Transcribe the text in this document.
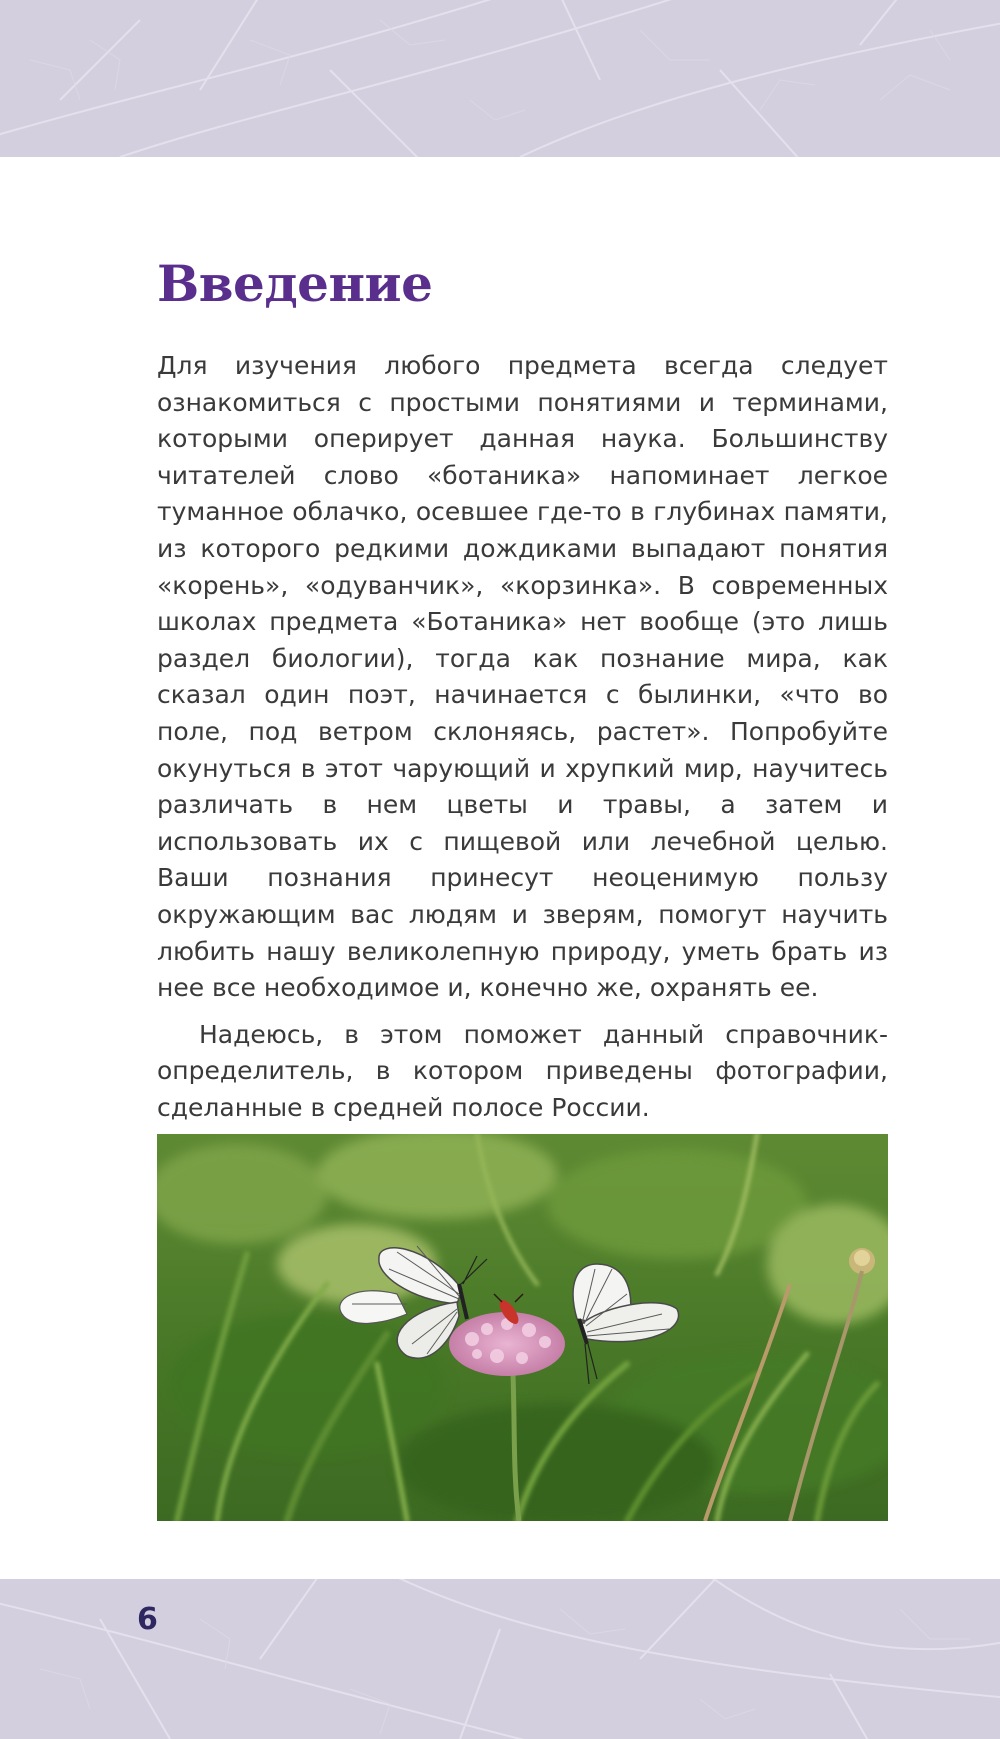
Введение

Для изучения любого предмета всегда следует ознакомиться с простыми понятиями и терминами, которыми оперирует данная наука. Большинству читателей слово «ботаника» напоминает легкое туманное облачко, осевшее где-то в глубинах памяти, из которого редкими дождиками выпадают понятия «корень», «одуванчик», «корзинка». В современных школах предмета «Ботаника» нет вообще (это лишь раздел биологии), тогда как познание мира, как сказал один поэт, начинается с былинки, «что во поле, под ветром склоняясь, растет». Попробуйте окунуться в этот чарующий и хрупкий мир, научитесь различать в нем цветы и травы, а затем и использовать их с пищевой или лечебной целью. Ваши познания принесут неоценимую пользу окружающим вас людям и зверям, помогут научить любить нашу великолепную природу, уметь брать из нее все необходимое и, конечно же, охранять ее.

Надеюсь, в этом поможет данный справочник-определитель, в котором приведены фотографии, сделанные в средней полосе России.

6
